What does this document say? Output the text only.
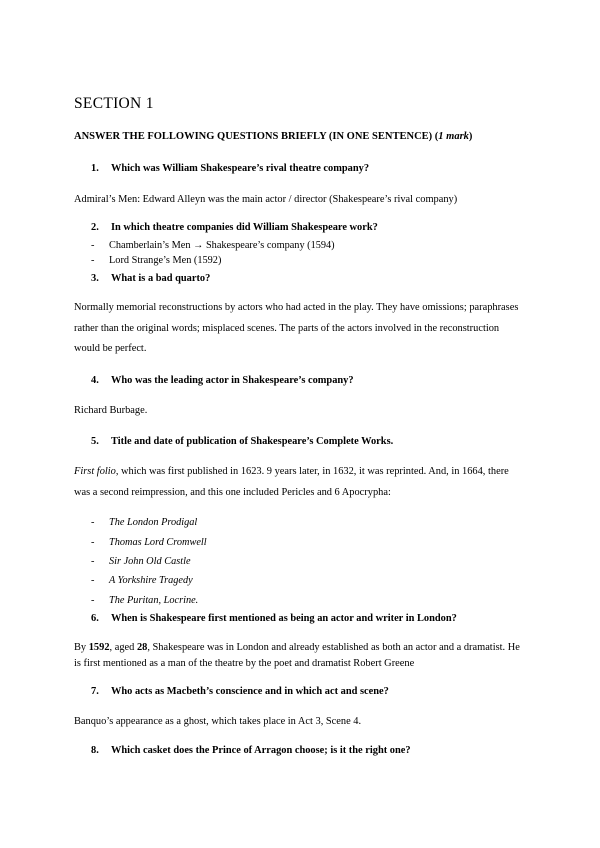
SECTION 1
ANSWER THE FOLLOWING QUESTIONS BRIEFLY (IN ONE SENTENCE) (1 mark)
1. Which was William Shakespeare’s rival theatre company?
Admiral’s Men: Edward Alleyn was the main actor / director (Shakespeare’s rival company)
2. In which theatre companies did William Shakespeare work?
- Chamberlain’s Men → Shakespeare’s company (1594)
- Lord Strange’s Men (1592)
3. What is a bad quarto?
Normally memorial reconstructions by actors who had acted in the play. They have omissions; paraphrases rather than the original words; misplaced scenes. The parts of the actors involved in the reconstruction would be perfect.
4. Who was the leading actor in Shakespeare’s company?
Richard Burbage.
5. Title and date of publication of Shakespeare’s Complete Works.
First folio, which was first published in 1623. 9 years later, in 1632, it was reprinted. And, in 1664, there was a second reimpression, and this one included Pericles and 6 Apocrypha:
- The London Prodigal
- Thomas Lord Cromwell
- Sir John Old Castle
- A Yorkshire Tragedy
- The Puritan, Locrine.
6. When is Shakespeare first mentioned as being an actor and writer in London?
By 1592, aged 28, Shakespeare was in London and already established as both an actor and a dramatist. He is first mentioned as a man of the theatre by the poet and dramatist Robert Greene
7. Who acts as Macbeth’s conscience and in which act and scene?
Banquo’s appearance as a ghost, which takes place in Act 3, Scene 4.
8. Which casket does the Prince of Arragon choose; is it the right one?
